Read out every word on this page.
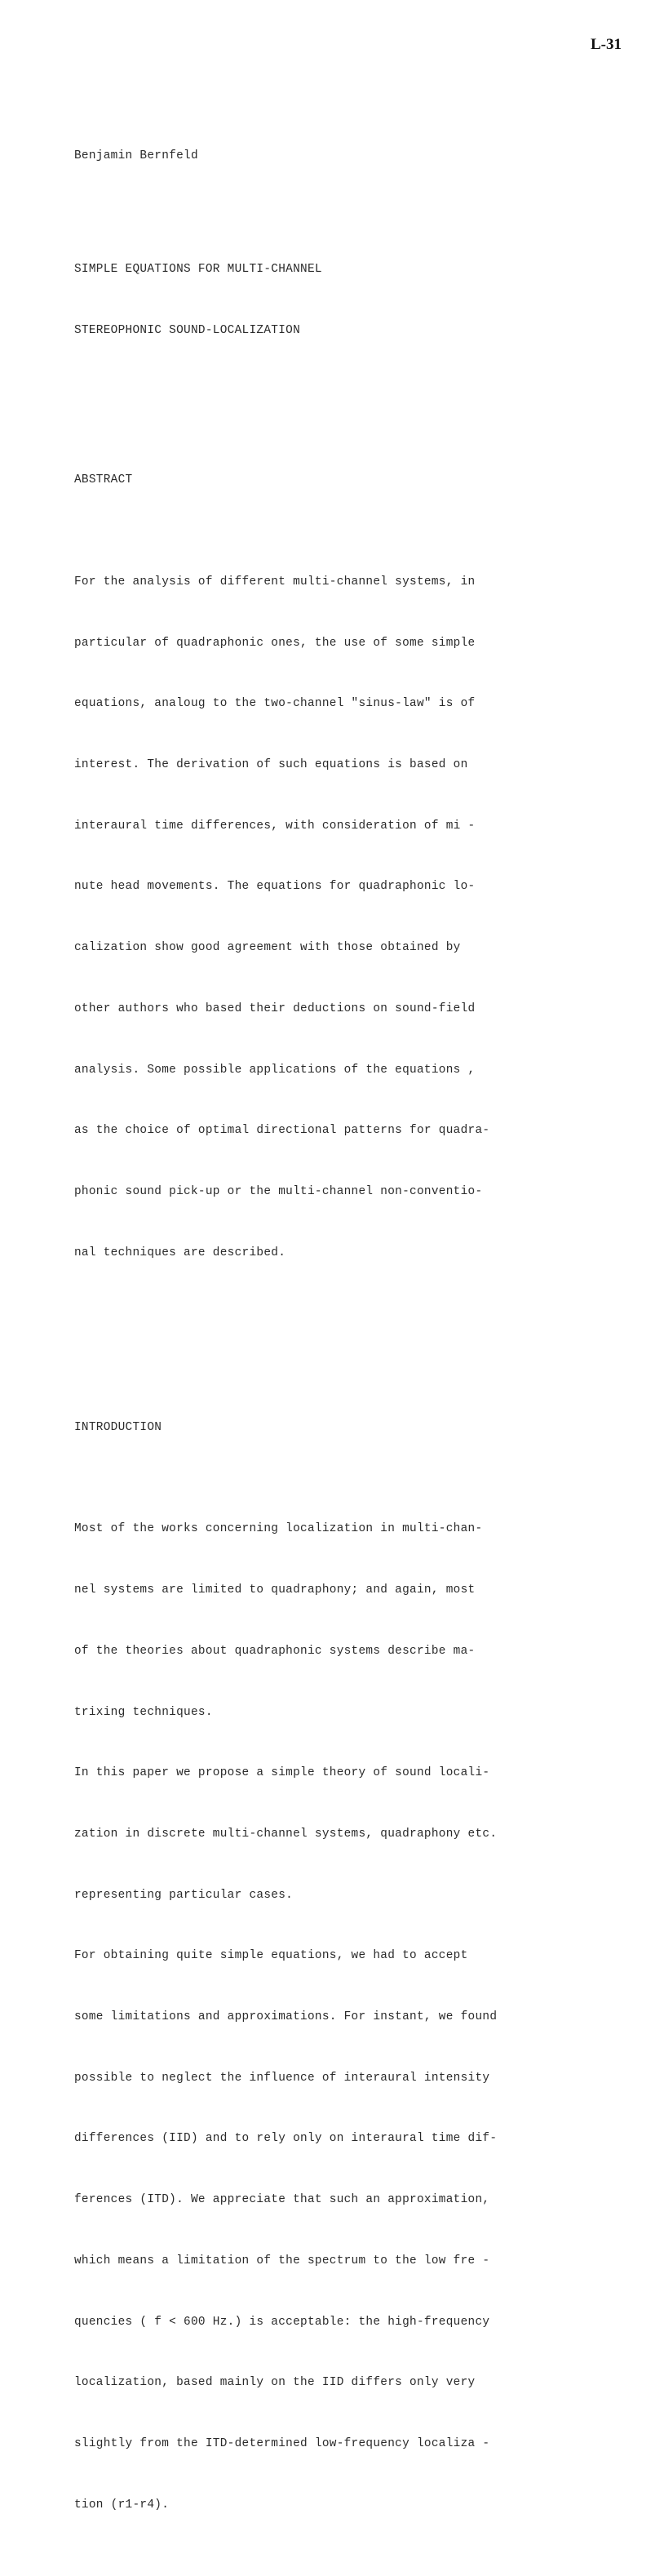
L-31

Benjamin Bernfeld

SIMPLE EQUATIONS FOR MULTI-CHANNEL

STEREOPHONIC SOUND-LOCALIZATION

ABSTRACT

For the analysis of different multi-channel systems, in

particular of quadraphonic ones, the use of some simple

equations, analoug to the two-channel "sinus-law" is of

interest. The derivation of such equations is based on

interaural time differences, with consideration of mi -

nute head movements. The equations for quadraphonic lo-

calization show good agreement with those obtained by

other authors who based their deductions on sound-field

analysis. Some possible applications of the equations ,

as the choice of optimal directional patterns for quadra-

phonic sound pick-up or the multi-channel non-conventio-

nal techniques are described.

INTRODUCTION

Most of the works concerning localization in multi-chan-

nel systems are limited to quadraphony; and again, most

of the theories about quadraphonic systems describe ma-

trixing techniques.

In this paper we propose a simple theory of sound locali-

zation in discrete multi-channel systems, quadraphony etc.

representing particular cases.

For obtaining quite simple equations, we had to accept

some limitations and approximations. For instant, we found

possible to neglect the influence of interaural intensity

differences (IID) and to rely only on interaural time dif-

ferences (ITD). We appreciate that such an approximation,

which means a limitation of the spectrum to the low fre -

quencies ( f < 600 Hz.) is acceptable: the high-frequency

localization, based mainly on the IID differs only very

slightly from the ITD-determined low-frequency localiza -

tion (r1-r4).
